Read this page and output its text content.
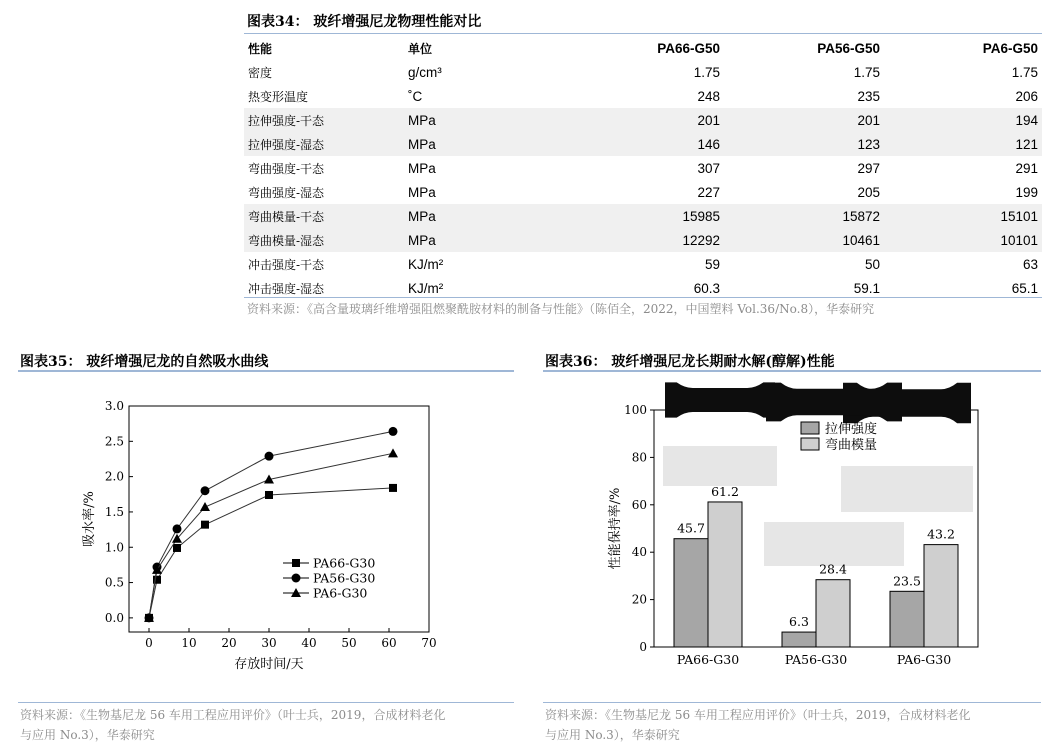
图表34： 玻纤增强尼龙物理性能对比
性能	单位	PA66-G50	PA56-G50	PA6-G50
密度	g/cm³	1.75	1.75	1.75
热变形温度	˚C	248	235	206
拉伸强度-干态	MPa	201	201	194
拉伸强度-湿态	MPa	146	123	121
弯曲强度-干态	MPa	307	297	291
弯曲强度-湿态	MPa	227	205	199
弯曲模量-干态	MPa	15985	15872	15101
弯曲模量-湿态	MPa	12292	10461	10101
冲击强度-干态	KJ/m²	59	50	63
冲击强度-湿态	KJ/m²	60.3	59.1	65.1
资料来源：《高含量玻璃纤维增强阻燃聚酰胺材料的制备与性能》（陈佰全，2022，中国塑料 Vol.36/No.8），华泰研究
图表35： 玻纤增强尼龙的自然吸水曲线
0.0
0.5
1.0
1.5
2.0
2.5
3.0
0 10 20 30 40 50 60 70
存放时间/天
吸水率/%
PA66-G30
PA56-G30
PA6-G30
资料来源：《生物基尼龙 56 车用工程应用评价》（叶士兵，2019，合成材料老化
与应用 No.3），华泰研究
图表36： 玻纤增强尼龙长期耐水解(醇解)性能
0
20
40
60
80
100
性能保持率/%	45.7
61.2
PA66-G30
6.3
28.4
PA56-G30
23.5
43.2
PA6-G30
拉伸强度
弯曲模量
资料来源：《生物基尼龙 56 车用工程应用评价》（叶士兵，2019，合成材料老化
与应用 No.3），华泰研究
